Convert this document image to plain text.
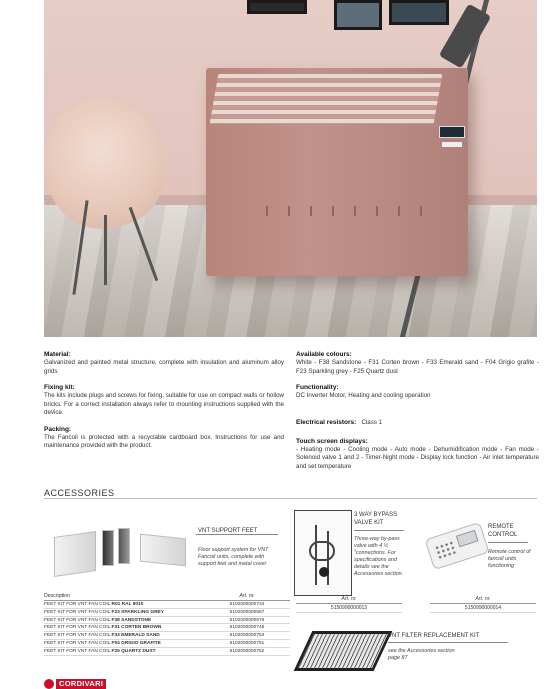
Material:

Galvanized and painted metal structure, complete with insulation and aluminum alloy grids

Fixing kit:

The kits include plugs and screws for fixing, suitable for use on compact walls or hollow bricks. For a correct installation always refer to mounting instructions supplied with the device.

Packing:

The Fancoil is protected with a recyclable cardboard box. Instructions for use and maintenance provided with the product.

Available colours:

White - F38 Sandstone - F31 Corten brown - F33 Emerald sand - F04 Grigio grafite - F23 Sparkling grey - F25 Quartz dust

Functionality:

DC Inverter Motor, Heating and cooling operation

Electrical resistors: Class 1

Touch screen displays:

- Heating mode - Cooling mode - Auto mode - Dehumidification mode - Fan mode - Solenoid valve 1 and 2 - Timer-Night mode - Display lock function - Air inlet temperature and set temperature

ACCESSORIES
VNT SUPPORT FEET
Floor support system for VNT Fancoil units, complete with support feet and metal cover
3 WAY BYPASS VALVE KIT
Three-way by-pass valve with 4 ½ "connections. For specifications and details see the Accessories section.
Art. nr.
5150990000013
REMOTE CONTROL
Remote control of fancoil units functioning
Art. nr.
5150990000014
Description	Art. nr.
FEET KIT FOR VNT FAN COIL R01 RAL 9010	5102000000734
FEET KIT FOR VNT FAN COIL F23 SPARKLING GREY	5102000000587
FEET KIT FOR VNT FAN COIL F38 SANDSTONE	5102000000676
FEET KIT FOR VNT FAN COIL F31 CORTEN BROWN	5102000000746
FEET KIT FOR VNT FAN COIL F33 EMERALD SAND	5102000000753
FEET KIT FOR VNT FAN COIL F04 GRIGIO GRAFITE	5102000000751
FEET KIT FOR VNT FAN COIL F25 QUARTZ DUST	5102000000752
VNT FILTER REPLACEMENT KIT
see the Accessories section page 87
CORDIVARI
